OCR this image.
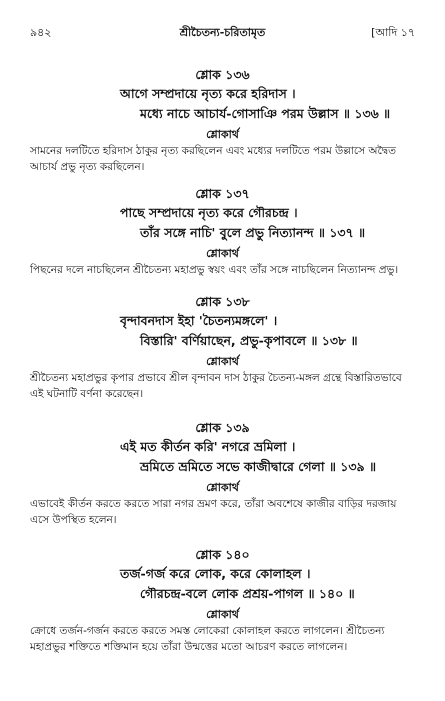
৯৪২	শ্রীচৈতন্য-চরিতামৃত	[আদি ১৭
শ্লোক ১৩৬
আগে সম্প্রদায়ে নৃত্য করে হরিদাস ।
মধ্যে নাচে আচার্য-গোসাঞি পরম উল্লাস ॥ ১৩৬ ॥
শ্লোকার্থ
সামনের দলটিতে হরিদাস ঠাকুর নৃত্য করছিলেন এবং মধ্যের দলটিতে পরম উল্লাসে অদ্বৈত আচার্য প্রভু নৃত্য করছিলেন।
শ্লোক ১৩৭
পাছে সম্প্রদায়ে নৃত্য করে গৌরচন্দ্র ।
তাঁর সঙ্গে নাচি' বুলে প্রভু নিত্যানন্দ ॥ ১৩৭ ॥
শ্লোকার্থ
পিছনের দলে নাচছিলেন শ্রীচৈতন্য মহাপ্রভু স্বয়ং এবং তাঁর সঙ্গে নাচছিলেন নিত্যানন্দ প্রভু।
শ্লোক ১৩৮
বৃন্দাবনদাস ইহা 'চৈতন্যমঙ্গলে' ।
বিস্তারি' বর্ণিয়াছেন, প্রভু-কৃপাবলে ॥ ১৩৮ ॥
শ্লোকার্থ
শ্রীচৈতন্য মহাপ্রভুর কৃপার প্রভাবে শ্রীল বৃন্দাবন দাস ঠাকুর চৈতন্য-মঙ্গল গ্রন্থে বিস্তারিতভাবে এই ঘটনাটি বর্ণনা করেছেন।
শ্লোক ১৩৯
এই মত কীর্তন করি' নগরে ভ্রমিলা ।
ভ্রমিতে ভ্রমিতে সভে কাজীদ্বারে গেলা ॥ ১৩৯ ॥
শ্লোকার্থ
এভাবেই কীর্তন করতে করতে সারা নগর ভ্রমণ করে, তাঁরা অবশেষে কাজীর বাড়ির দরজায় এসে উপস্থিত হলেন।
শ্লোক ১৪০
তর্জ-গর্জ করে লোক, করে কোলাহল ।
গৌরচন্দ্র-বলে লোক প্রশ্রয়-পাগল ॥ ১৪০ ॥
শ্লোকার্থ
ক্রোধে তর্জন-গর্জন করতে করতে সমস্ত লোকেরা কোলাহল করতে লাগলেন। শ্রীচৈতন্য মহাপ্রভুর শক্তিতে শক্তিমান হয়ে তাঁরা উন্মত্তের মতো আচরণ করতে লাগলেন।
